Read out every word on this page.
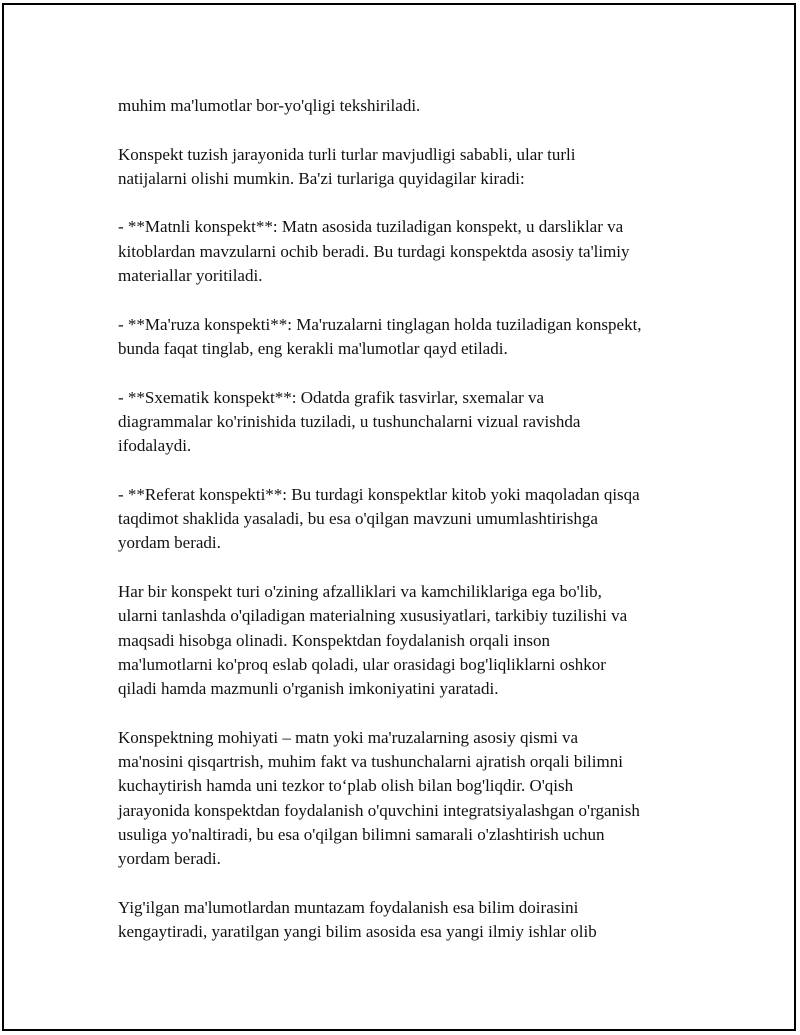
muhim ma'lumotlar bor-yo'qligi tekshiriladi.

Konspekt tuzish jarayonida turli turlar mavjudligi sababli, ular turli
natijalarni olishi mumkin. Ba'zi turlariga quyidagilar kiradi:

- **Matnli konspekt**: Matn asosida tuziladigan konspekt, u darsliklar va
kitoblardan mavzularni ochib beradi. Bu turdagi konspektda asosiy ta'limiy
materiallar yoritiladi.

- **Ma'ruza konspekti**: Ma'ruzalarni tinglagan holda tuziladigan konspekt,
bunda faqat tinglab, eng kerakli ma'lumotlar qayd etiladi.

- **Sxematik konspekt**: Odatda grafik tasvirlar, sxemalar va
diagrammalar ko'rinishida tuziladi, u tushunchalarni vizual ravishda
ifodalaydi.

- **Referat konspekti**: Bu turdagi konspektlar kitob yoki maqoladan qisqa
taqdimot shaklida yasaladi, bu esa o'qilgan mavzuni umumlashtirishga
yordam beradi.

Har bir konspekt turi o'zining afzalliklari va kamchiliklariga ega bo'lib,
ularni tanlashda o'qiladigan materialning xususiyatlari, tarkibiy tuzilishi va
maqsadi hisobga olinadi. Konspektdan foydalanish orqali inson
ma'lumotlarni ko'proq eslab qoladi, ular orasidagi bog'liqliklarni oshkor
qiladi hamda mazmunli o'rganish imkoniyatini yaratadi.

Konspektning mohiyati – matn yoki ma'ruzalarning asosiy qismi va
ma'nosini qisqartrish, muhim fakt va tushunchalarni ajratish orqali bilimni
kuchaytirish hamda uni tezkor to‘plab olish bilan bog'liqdir. O'qish
jarayonida konspektdan foydalanish o'quvchini integratsiyalashgan o'rganish
usuliga yo'naltiradi, bu esa o'qilgan bilimni samarali o'zlashtirish uchun
yordam beradi.

Yig'ilgan ma'lumotlardan muntazam foydalanish esa bilim doirasini
kengaytiradi, yaratilgan yangi bilim asosida esa yangi ilmiy ishlar olib
